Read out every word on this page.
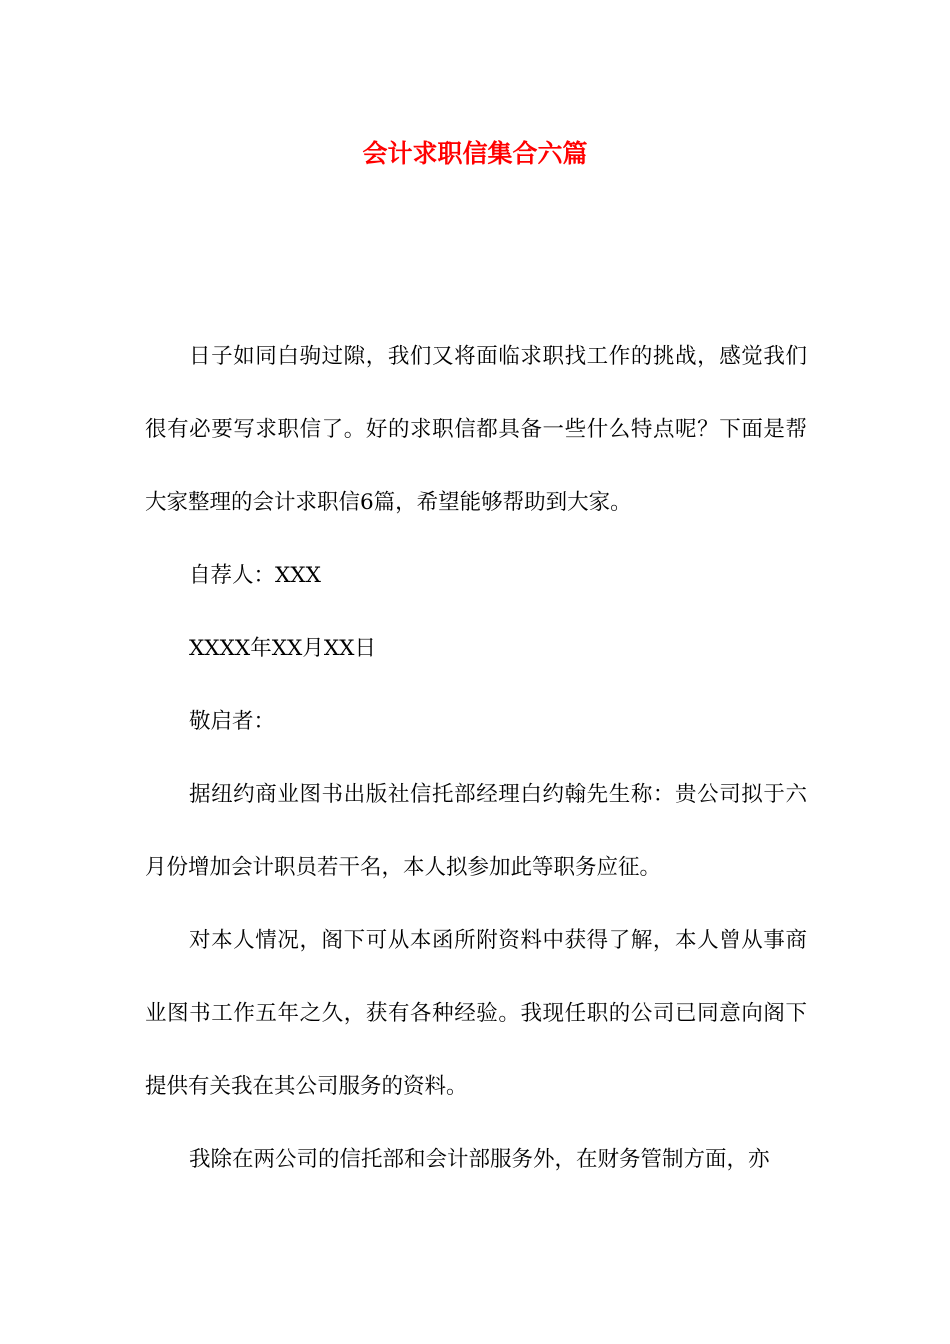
会计求职信集合六篇

日子如同白驹过隙，我们又将面临求职找工作的挑战，感觉我们很有必要写求职信了。好的求职信都具备一些什么特点呢？下面是帮大家整理的会计求职信6篇，希望能够帮助到大家。

自荐人：XXX

XXXX年XX月XX日

敬启者：

据纽约商业图书出版社信托部经理白约翰先生称：贵公司拟于六月份增加会计职员若干名，本人拟参加此等职务应征。

对本人情况，阁下可从本函所附资料中获得了解，本人曾从事商业图书工作五年之久，获有各种经验。我现任职的公司已同意向阁下提供有关我在其公司服务的资料。

我除在两公司的信托部和会计部服务外，在财务管制方面，亦
